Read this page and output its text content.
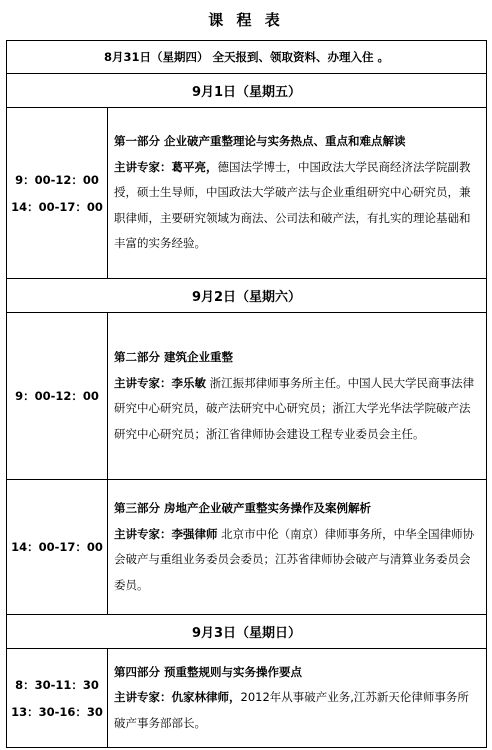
课 程 表
8月31日（星期四） 全天报到、领取资料、办理入住 。	
9月1日（星期五）	

9：00-12：00
14：00-17：00	第一部分 企业破产重整理论与实务热点、重点和难点解读
主讲专家：葛平亮，德国法学博士，中国政法大学民商经济法学院副教授，硕士生导师，中国政法大学破产法与企业重组研究中心研究员，兼职律师，主要研究领域为商法、公司法和破产法，有扎实的理论基础和丰富的实务经验。
9月2日（星期六）	

9：00-12：00	第二部分 建筑企业重整
主讲专家：李乐敏 浙江振邦律师事务所主任。中国人民大学民商事法律研究中心研究员，破产法研究中心研究员；浙江大学光华法学院破产法研究中心研究员；浙江省律师协会建设工程专业委员会主任。

14：00-17：00	第三部分 房地产企业破产重整实务操作及案例解析
主讲专家：李强律师 北京市中伦（南京）律师事务所，中华全国律师协会破产与重组业务委员会委员；江苏省律师协会破产与清算业务委员会委员。
9月3日（星期日）	

8：30-11：30
13：30-16：30	第四部分 预重整规则与实务操作要点
主讲专家：仇家林律师，2012年从事破产业务,江苏新天伦律师事务所破产事务部部长。
